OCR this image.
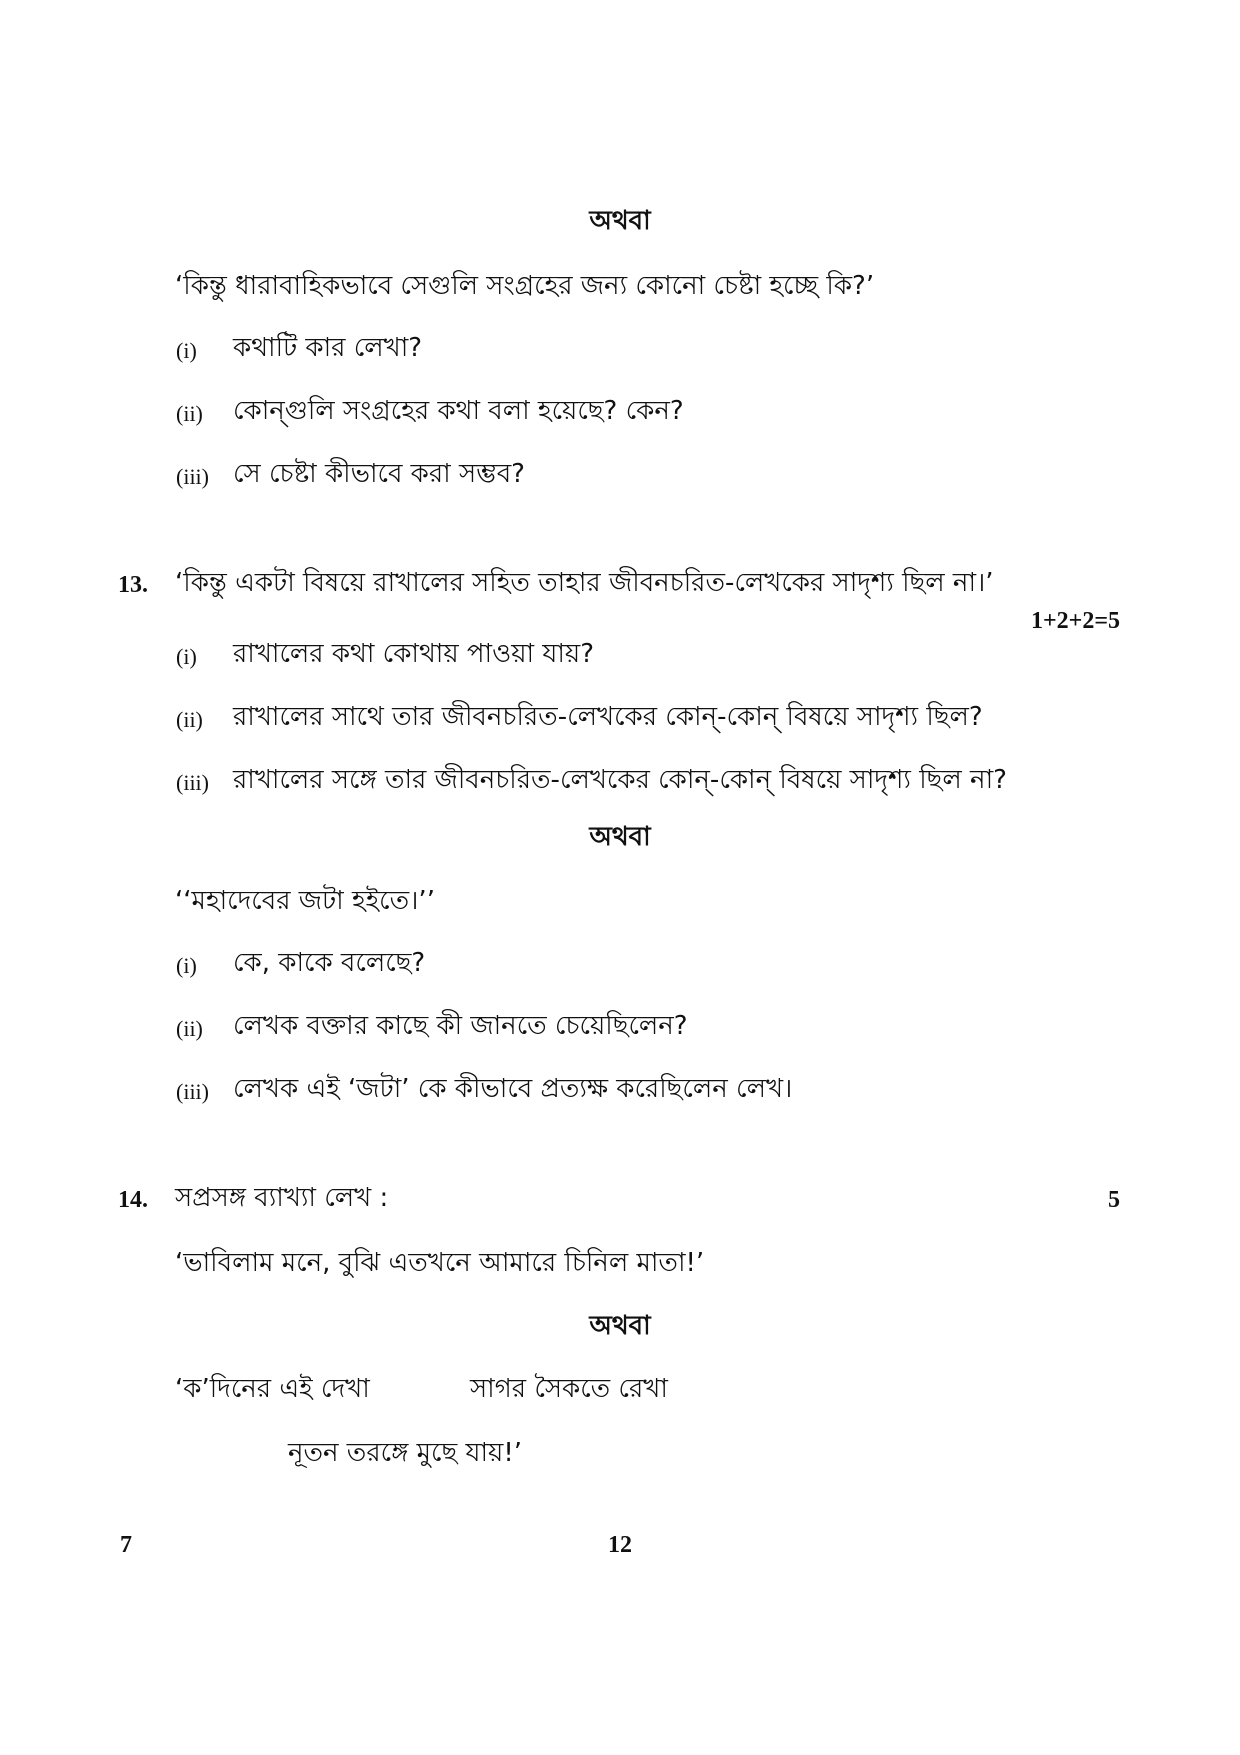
অথবা
‘কিন্তু ধারাবাহিকভাবে সেগুলি সংগ্রহের জন্য কোনো চেষ্টা হচ্ছে কি?’
(i) কথাটি কার লেখা?
(ii) কোন্‌গুলি সংগ্রহের কথা বলা হয়েছে? কেন?
(iii) সে চেষ্টা কীভাবে করা সম্ভব?
13. ‘কিন্তু একটা বিষয়ে রাখালের সহিত তাহার জীবনচরিত-লেখকের সাদৃশ্য ছিল না।’
1+2+2=5
(i) রাখালের কথা কোথায় পাওয়া যায়?
(ii) রাখালের সাথে তার জীবনচরিত-লেখকের কোন্‌-কোন্‌ বিষয়ে সাদৃশ্য ছিল?
(iii) রাখালের সঙ্গে তার জীবনচরিত-লেখকের কোন্‌-কোন্‌ বিষয়ে সাদৃশ্য ছিল না?
অথবা
‘‘মহাদেবের জটা হইতে।’’
(i) কে, কাকে বলেছে?
(ii) লেখক বক্তার কাছে কী জানতে চেয়েছিলেন?
(iii) লেখক এই ‘জটা’ কে কীভাবে প্রত্যক্ষ করেছিলেন লেখ।
14. সপ্রসঙ্গ ব্যাখ্যা লেখ :	5
‘ভাবিলাম মনে, বুঝি এতখনে আমারে চিনিল মাতা!’
অথবা
‘ক’দিনের এই দেখা	সাগর সৈকতে রেখা
নূতন তরঙ্গে মুছে যায়!’
7	12
